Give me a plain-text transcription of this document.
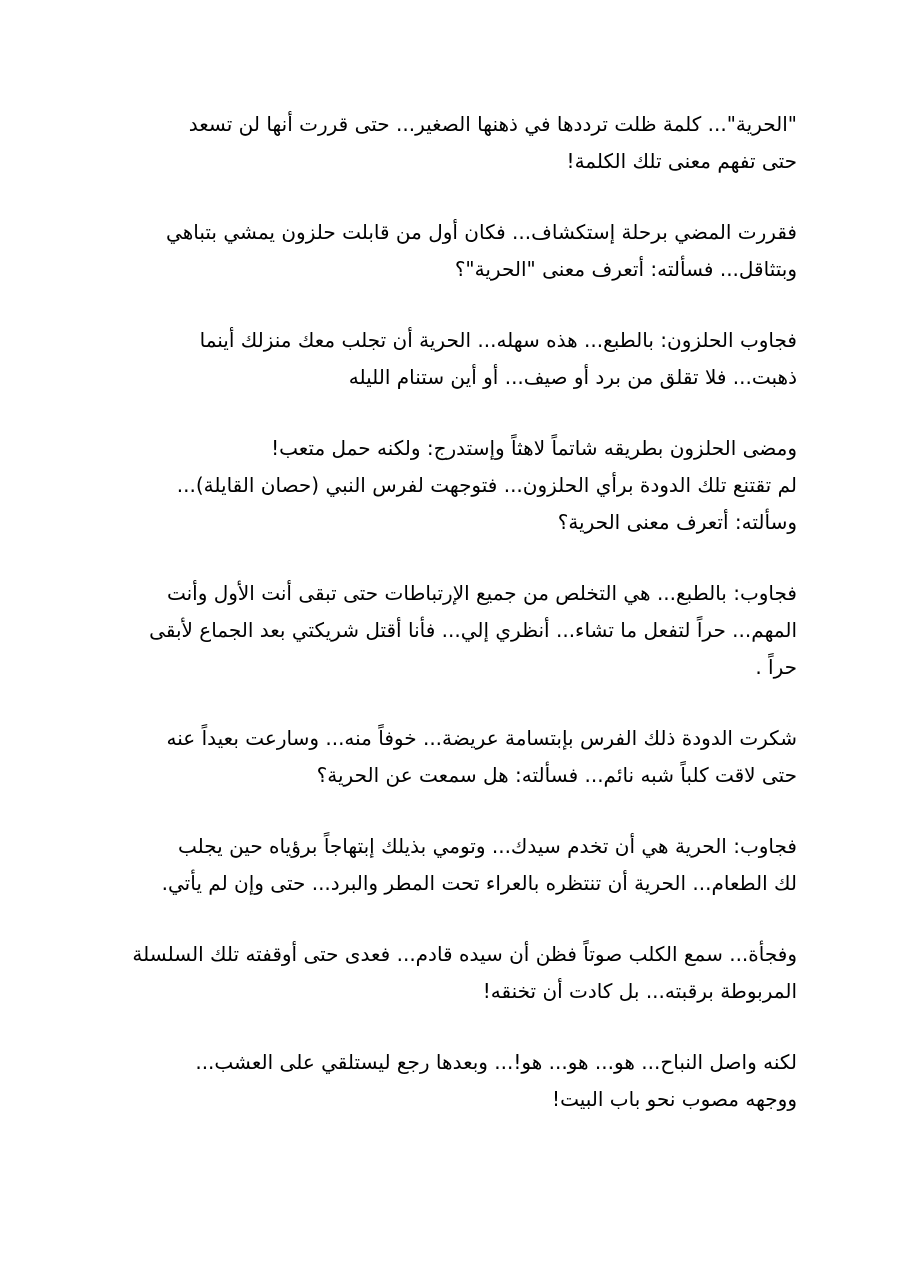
"الحرية"... كلمة ظلت ترددها في ذهنها الصغير... حتى قررت أنها لن تسعد
حتى تفهم معنى تلك الكلمة!

فقررت المضي برحلة إستكشاف... فكان أول من قابلت حلزون يمشي بتباهي
وبتثاقل... فسألته: أتعرف معنى "الحرية"؟

فجاوب الحلزون: بالطبع... هذه سهله... الحرية أن تجلب معك منزلك أينما
ذهبت... فلا تقلق من برد أو صيف... أو أين ستنام الليله

ومضى الحلزون بطريقه شاتماً لاهثاً وإستدرج: ولكنه حمل متعب!
لم تقتنع تلك الدودة برأي الحلزون... فتوجهت لفرس النبي (حصان القايلة)...
وسألته: أتعرف معنى الحرية؟

فجاوب: بالطبع... هي التخلص من جميع الإرتباطات حتى تبقى أنت الأول وأنت
المهم... حراً لتفعل ما تشاء... أنظري إلي... فأنا أقتل شريكتي بعد الجماع لأبقى
حراً .

شكرت الدودة ذلك الفرس بإبتسامة عريضة... خوفاً منه... وسارعت بعيداً عنه
حتى لاقت كلباً شبه نائم... فسألته: هل سمعت عن الحرية؟

فجاوب: الحرية هي أن تخدم سيدك... وتومي بذيلك إبتهاجاً برؤياه حين يجلب
لك الطعام... الحرية أن تنتظره بالعراء تحت المطر والبرد... حتى وإن لم يأتي.

وفجأة... سمع الكلب صوتاً فظن أن سيده قادم... فعدى حتى أوقفته تلك السلسلة
المربوطة برقبته... بل كادت أن تخنقه!

لكنه واصل النباح... هو... هو... هو!... وبعدها رجع ليستلقي على العشب...
ووجهه مصوب نحو باب البيت!
